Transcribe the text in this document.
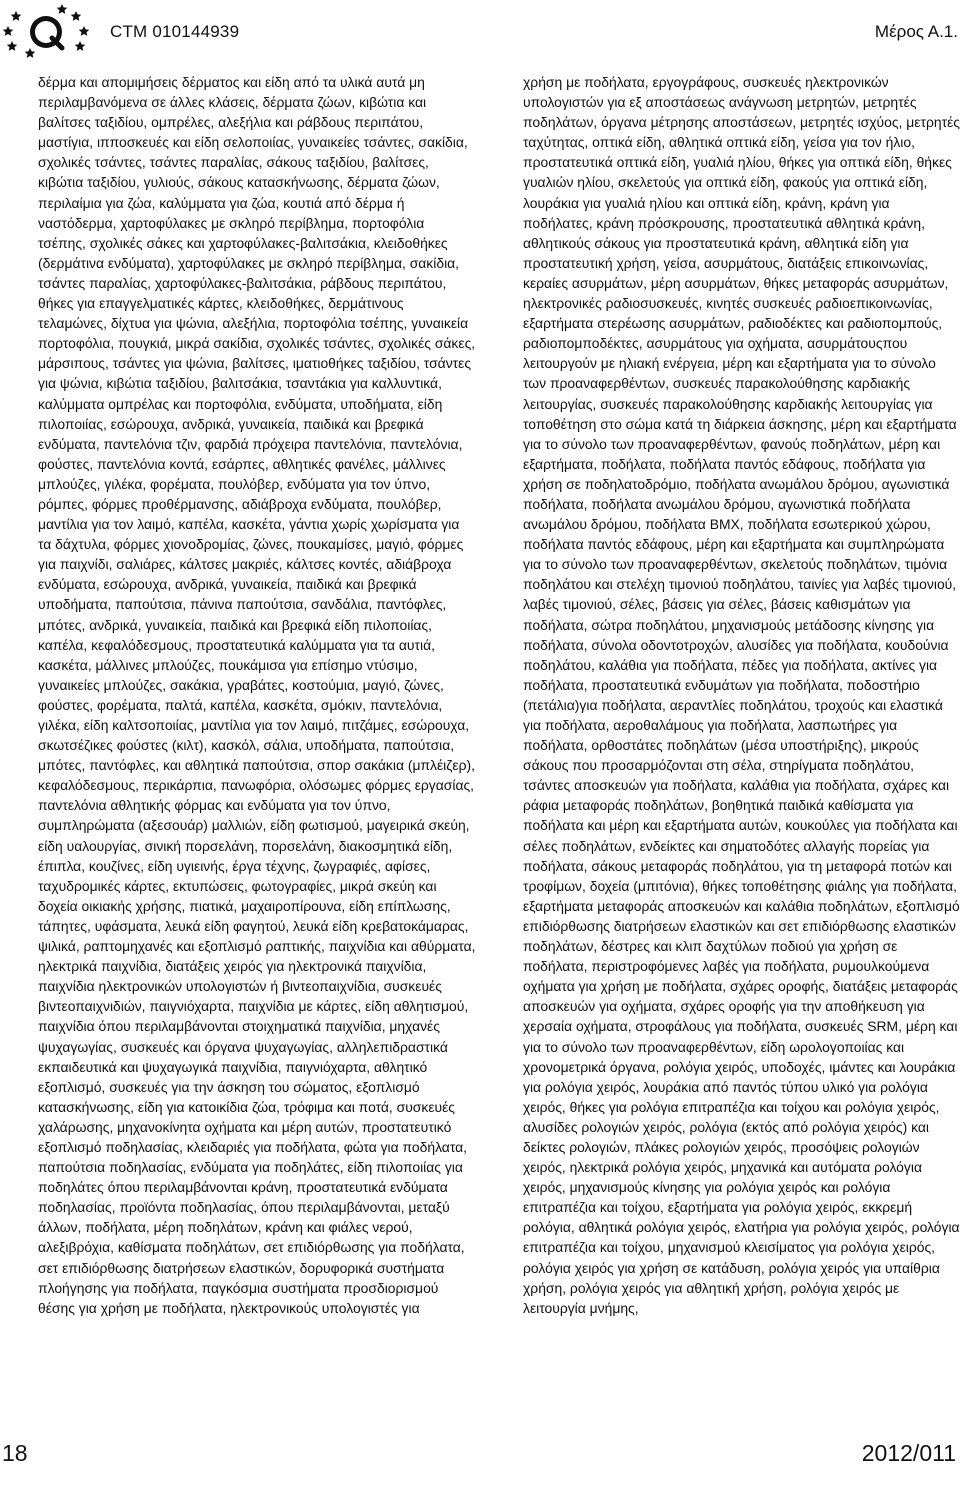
CTM 010144939	Μέρος Α.1.

δέρμα και απομιμήσεις δέρματος και είδη από τα υλικά αυτά μη περιλαμβανόμενα σε άλλες κλάσεις, δέρματα ζώων, κιβώτια και βαλίτσες ταξιδίου, ομπρέλες, αλεξήλια και ράβδους περιπάτου, μαστίγια, ιπποσκευές και είδη σελοποιίας, γυναικείες τσάντες, σακίδια, σχολικές τσάντες, τσάντες παραλίας, σάκους ταξιδίου, βαλίτσες, κιβώτια ταξιδίου, γυλιούς, σάκους κατασκήνωσης, δέρματα ζώων, περιλαίμια για ζώα, καλύμματα για ζώα, κουτιά από δέρμα ή ναστόδερμα, χαρτοφύλακες με σκληρό περίβλημα, πορτοφόλια τσέπης, σχολικές σάκες και χαρτοφύλακες-βαλιτσάκια, κλειδοθήκες (δερμάτινα ενδύματα), χαρτοφύλακες με σκληρό περίβλημα, σακίδια, τσάντες παραλίας, χαρτοφύλακες-βαλιτσάκια, ράβδους περιπάτου, θήκες για επαγγελματικές κάρτες, κλειδοθήκες, δερμάτινους τελαμώνες, δίχτυα για ψώνια, αλεξήλια, πορτοφόλια τσέπης, γυναικεία πορτοφόλια, πουγκιά, μικρά σακίδια, σχολικές τσάντες, σχολικές σάκες, μάρσιπους, τσάντες για ψώνια, βαλίτσες, ιματιοθήκες ταξιδίου, τσάντες για ψώνια, κιβώτια ταξιδίου, βαλιτσάκια, τσαντάκια για καλλυντικά, καλύμματα ομπρέλας και πορτοφόλια, ενδύματα, υποδήματα, είδη πιλοποιίας, εσώρουχα, ανδρικά, γυναικεία, παιδικά και βρεφικά ενδύματα, παντελόνια τζιν, φαρδιά πρόχειρα παντελόνια, παντελόνια, φούστες, παντελόνια κοντά, εσάρπες, αθλητικές φανέλες, μάλλινες μπλούζες, γιλέκα, φορέματα, πουλόβερ, ενδύματα για τον ύπνο, ρόμπες, φόρμες προθέρμανσης, αδιάβροχα ενδύματα, πουλόβερ, μαντίλια για τον λαιμό, καπέλα, κασκέτα, γάντια χωρίς χωρίσματα για τα δάχτυλα, φόρμες χιονοδρομίας, ζώνες, πουκαμίσες, μαγιό, φόρμες για παιχνίδι, σαλιάρες, κάλτσες μακριές, κάλτσες κοντές, αδιάβροχα ενδύματα, εσώρουχα, ανδρικά, γυναικεία, παιδικά και βρεφικά υποδήματα, παπούτσια, πάνινα παπούτσια, σανδάλια, παντόφλες, μπότες, ανδρικά, γυναικεία, παιδικά και βρεφικά είδη πιλοποιίας, καπέλα, κεφαλόδεσμους, προστατευτικά καλύμματα για τα αυτιά, κασκέτα, μάλλινες μπλούζες, πουκάμισα για επίσημο ντύσιμο, γυναικείες μπλούζες, σακάκια, γραβάτες, κοστούμια, μαγιό, ζώνες, φούστες, φορέματα, παλτά, καπέλα, κασκέτα, σμόκιν, παντελόνια, γιλέκα, είδη καλτσοποιίας, μαντίλια για τον λαιμό, πιτζάμες, εσώρουχα, σκωτσέζικες φούστες (κιλτ), κασκόλ, σάλια, υποδήματα, παπούτσια, μπότες, παντόφλες, και αθλητικά παπούτσια, σπορ σακάκια (μπλέιζερ), κεφαλόδεσμους, περικάρπια, πανωφόρια, ολόσωμες φόρμες εργασίας, παντελόνια αθλητικής φόρμας και ενδύματα για τον ύπνο, συμπληρώματα (αξεσουάρ) μαλλιών, είδη φωτισμού, μαγειρικά σκεύη, είδη υαλουργίας, σινική πορσελάνη, πορσελάνη, διακοσμητικά είδη, έπιπλα, κουζίνες, είδη υγιεινής, έργα τέχνης, ζωγραφιές, αφίσες, ταχυδρομικές κάρτες, εκτυπώσεις, φωτογραφίες, μικρά σκεύη και δοχεία οικιακής χρήσης, πιατικά, μαχαιροπίρουνα, είδη επίπλωσης, τάπητες, υφάσματα, λευκά είδη φαγητού, λευκά είδη κρεβατοκάμαρας, ψιλικά, ραπτομηχανές και εξοπλισμό ραπτικής, παιχνίδια και αθύρματα, ηλεκτρικά παιχνίδια, διατάξεις χειρός για ηλεκτρονικά παιχνίδια, παιχνίδια ηλεκτρονικών υπολογιστών ή βιντεοπαιχνίδια, συσκευές βιντεοπαιχνιδιών, παιγνιόχαρτα, παιχνίδια με κάρτες, είδη αθλητισμού, παιχνίδια όπου περιλαμβάνονται στοιχηματικά παιχνίδια, μηχανές ψυχαγωγίας, συσκευές και όργανα ψυχαγωγίας, αλληλεπιδραστικά εκπαιδευτικά και ψυχαγωγικά παιχνίδια, παιγνιόχαρτα, αθλητικό εξοπλισμό, συσκευές για την άσκηση του σώματος, εξοπλισμό κατασκήνωσης, είδη για κατοικίδια ζώα, τρόφιμα και ποτά, συσκευές χαλάρωσης, μηχανοκίνητα οχήματα και μέρη αυτών, προστατευτικό εξοπλισμό ποδηλασίας, κλειδαριές για ποδήλατα, φώτα για ποδήλατα, παπούτσια ποδηλασίας, ενδύματα για ποδηλάτες, είδη πιλοποιίας για ποδηλάτες όπου περιλαμβάνονται κράνη, προστατευτικά ενδύματα ποδηλασίας, προϊόντα ποδηλασίας, όπου περιλαμβάνονται, μεταξύ άλλων, ποδήλατα, μέρη ποδηλάτων, κράνη και φιάλες νερού, αλεξιβρόχια, καθίσματα ποδηλάτων, σετ επιδιόρθωσης για ποδήλατα, σετ επιδιόρθωσης διατρήσεων ελαστικών, δορυφορικά συστήματα πλοήγησης για ποδήλατα, παγκόσμια συστήματα προσδιορισμού θέσης για χρήση με ποδήλατα, ηλεκτρονικούς υπολογιστές για

χρήση με ποδήλατα, εργογράφους, συσκευές ηλεκτρονικών υπολογιστών για εξ αποστάσεως ανάγνωση μετρητών, μετρητές ποδηλάτων, όργανα μέτρησης αποστάσεων, μετρητές ισχύος, μετρητές ταχύτητας, οπτικά είδη, αθλητικά οπτικά είδη, γείσα για τον ήλιο, προστατευτικά οπτικά είδη, γυαλιά ηλίου, θήκες για οπτικά είδη, θήκες γυαλιών ηλίου, σκελετούς για οπτικά είδη, φακούς για οπτικά είδη, λουράκια για γυαλιά ηλίου και οπτικά είδη, κράνη, κράνη για ποδήλατες, κράνη πρόσκρουσης, προστατευτικά αθλητικά κράνη, αθλητικούς σάκους για προστατευτικά κράνη, αθλητικά είδη για προστατευτική χρήση, γείσα, ασυρμάτους, διατάξεις επικοινωνίας, κεραίες ασυρμάτων, μέρη ασυρμάτων, θήκες μεταφοράς ασυρμάτων, ηλεκτρονικές ραδιοσυσκευές, κινητές συσκευές ραδιοεπικοινωνίας, εξαρτήματα στερέωσης ασυρμάτων, ραδιοδέκτες και ραδιοπομπούς, ραδιοπομποδέκτες, ασυρμάτους για οχήματα, ασυρμάτουςπου λειτουργούν με ηλιακή ενέργεια, μέρη και εξαρτήματα για το σύνολο των προαναφερθέντων, συσκευές παρακολούθησης καρδιακής λειτουργίας, συσκευές παρακολούθησης καρδιακής λειτουργίας για τοποθέτηση στο σώμα κατά τη διάρκεια άσκησης, μέρη και εξαρτήματα για το σύνολο των προαναφερθέντων, φανούς ποδηλάτων, μέρη και εξαρτήματα, ποδήλατα, ποδήλατα παντός εδάφους, ποδήλατα για χρήση σε ποδηλατοδρόμιο, ποδήλατα ανωμάλου δρόμου, αγωνιστικά ποδήλατα, ποδήλατα ανωμάλου δρόμου, αγωνιστικά ποδήλατα ανωμάλου δρόμου, ποδήλατα BMX, ποδήλατα εσωτερικού χώρου, ποδήλατα παντός εδάφους, μέρη και εξαρτήματα και συμπληρώματα για το σύνολο των προαναφερθέντων, σκελετούς ποδηλάτων, τιμόνια ποδηλάτου και στελέχη τιμονιού ποδηλάτου, ταινίες για λαβές τιμονιού, λαβές τιμονιού, σέλες, βάσεις για σέλες, βάσεις καθισμάτων για ποδήλατα, σώτρα ποδηλάτου, μηχανισμούς μετάδοσης κίνησης για ποδήλατα, σύνολα οδοντοτροχών, αλυσίδες για ποδήλατα, κουδούνια ποδηλάτου, καλάθια για ποδήλατα, πέδες για ποδήλατα, ακτίνες για ποδήλατα, προστατευτικά ενδυμάτων για ποδήλατα, ποδοστήριο (πετάλια)για ποδήλατα, αεραντλίες ποδηλάτου, τροχούς και ελαστικά για ποδήλατα, αεροθαλάμους για ποδήλατα, λασπωτήρες για ποδήλατα, ορθοστάτες ποδηλάτων (μέσα υποστήριξης), μικρούς σάκους που προσαρμόζονται στη σέλα, στηρίγματα ποδηλάτου, τσάντες αποσκευών για ποδήλατα, καλάθια για ποδήλατα, σχάρες και ράφια μεταφοράς ποδηλάτων, βοηθητικά παιδικά καθίσματα για ποδήλατα και μέρη και εξαρτήματα αυτών, κουκούλες για ποδήλατα και σέλες ποδηλάτων, ενδείκτες και σηματοδότες αλλαγής πορείας για ποδήλατα, σάκους μεταφοράς ποδηλάτου, για τη μεταφορά ποτών και τροφίμων, δοχεία (μπιτόνια), θήκες τοποθέτησης φιάλης για ποδήλατα, εξαρτήματα μεταφοράς αποσκευών και καλάθια ποδηλάτων, εξοπλισμό επιδιόρθωσης διατρήσεων ελαστικών και σετ επιδιόρθωσης ελαστικών ποδηλάτων, δέστρες και κλιπ δαχτύλων ποδιού για χρήση σε ποδήλατα, περιστροφόμενες λαβές για ποδήλατα, ρυμουλκούμενα οχήματα για χρήση με ποδήλατα, σχάρες οροφής, διατάξεις μεταφοράς αποσκευών για οχήματα, σχάρες οροφής για την αποθήκευση για χερσαία οχήματα, στροφάλους για ποδήλατα, συσκευές SRM, μέρη και για το σύνολο των προαναφερθέντων, είδη ωρολογοποιίας και χρονομετρικά όργανα, ρολόγια χειρός, υποδοχές, ιμάντες και λουράκια για ρολόγια χειρός, λουράκια από παντός τύπου υλικό για ρολόγια χειρός, θήκες για ρολόγια επιτραπέζια και τοίχου και ρολόγια χειρός, αλυσίδες ρολογιών χειρός, ρολόγια (εκτός από ρολόγια χειρός) και δείκτες ρολογιών, πλάκες ρολογιών χειρός, προσόψεις ρολογιών χειρός, ηλεκτρικά ρολόγια χειρός, μηχανικά και αυτόματα ρολόγια χειρός, μηχανισμούς κίνησης για ρολόγια χειρός και ρολόγια επιτραπέζια και τοίχου, εξαρτήματα για ρολόγια χειρός, εκκρεμή ρολόγια, αθλητικά ρολόγια χειρός, ελατήρια για ρολόγια χειρός, ρολόγια επιτραπέζια και τοίχου, μηχανισμού κλεισίματος για ρολόγια χειρός, ρολόγια χειρός για χρήση σε κατάδυση, ρολόγια χειρός για υπαίθρια χρήση, ρολόγια χειρός για αθλητική χρήση, ρολόγια χειρός με λειτουργία μνήμης,

18	2012/011
